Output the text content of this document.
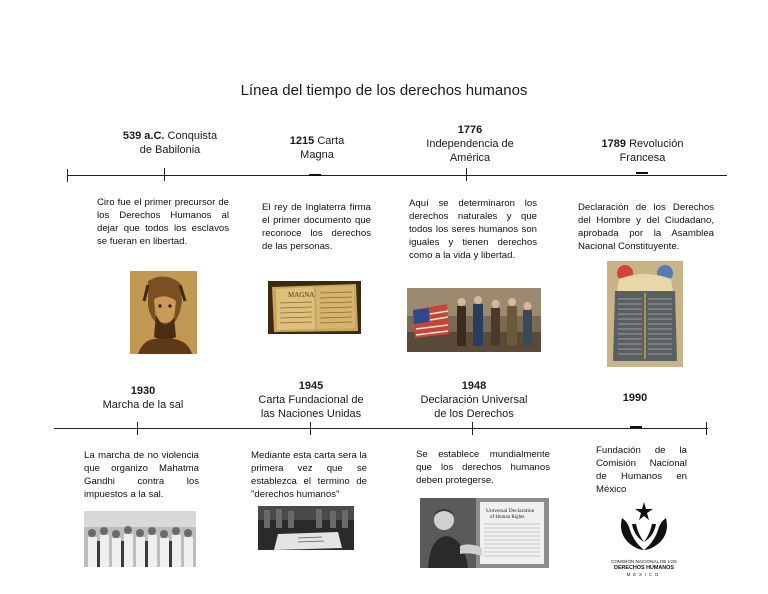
Línea del tiempo de los derechos humanos
539 a.C. Conquista
de Babilonia
1215 Carta
Magna
1776
Independencia de
América
1789 Revolución
Francesa
Ciro fue el primer precursor de los Derechos Humanos al dejar que todos los esclavos se fueran en libertad.
El rey de Inglaterra firma el primer documento que reconoce los derechos de las personas.
Aquí se determinaron los derechos naturales y que todos los seres humanos son iguales y tienen derechos como a la vida y libertad.
Declaración de los Derechos del Hombre y del Ciudadano, aprobada por la Asamblea Nacional Constituyente.
MAGNA
1930
Marcha de la sal
1945
Carta Fundacional de
las Naciones Unidas
1948
Declaración Universal
de los Derechos
1990
La marcha de no violencia que organizo Mahatma Gandhi contra los impuestos a la sal.
Mediante esta carta sera la primera vez que se establezca el termino de "derechos humanos"
Se establece mundialmente que los derechos humanos deben protegerse.
Fundación de la Comisión Nacional de Humanos en México
Universal Declaration
of Human Rights
COMISIÓN NACIONAL DE LOS
DERECHOS HUMANOS
MÉXICO
